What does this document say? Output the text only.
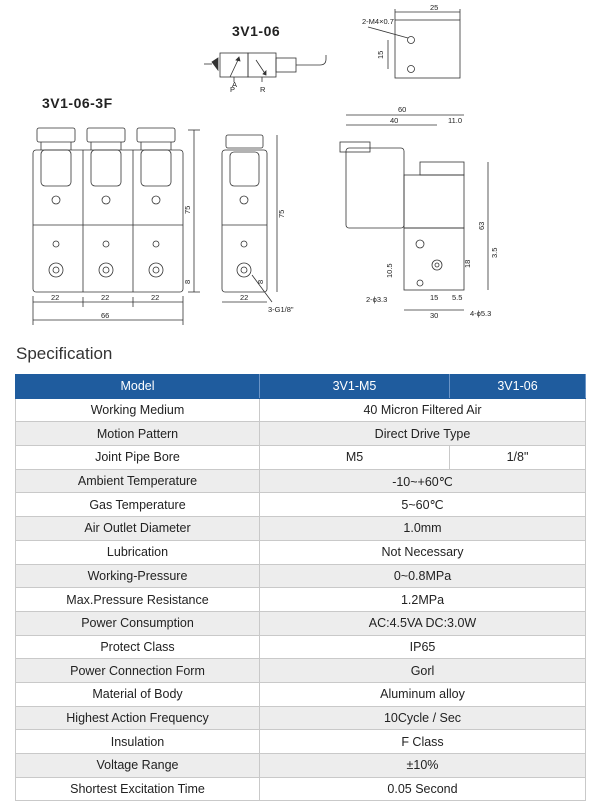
3V1-06
3V1-06-3F
A
P	R
25
2-M4×0.7
15
22	22	22
66
75
8
22
75
8
3-G1/8"
60
40	11.0
63
10.5	18
3.5
15
30
5.5
2-ϕ3.3
4-ϕ5.3
Specification
Model	3V1-M5	3V1-06
Working Medium	40 Micron Filtered Air	
Motion Pattern	Direct Drive Type	
Joint Pipe Bore	M5	1/8"
Ambient Temperature	-10~+60℃	
Gas Temperature	5~60℃	
Air Outlet Diameter	1.0mm	
Lubrication	Not Necessary	
Working-Pressure	0~0.8MPa	
Max.Pressure Resistance	1.2MPa	
Power Consumption	AC:4.5VA DC:3.0W	
Protect Class	IP65	
Power Connection Form	Gorl	
Material of Body	Aluminum alloy	
Highest Action Frequency	10Cycle / Sec	
Insulation	F Class	
Voltage Range	±10%	
Shortest Excitation Time	0.05 Second	
